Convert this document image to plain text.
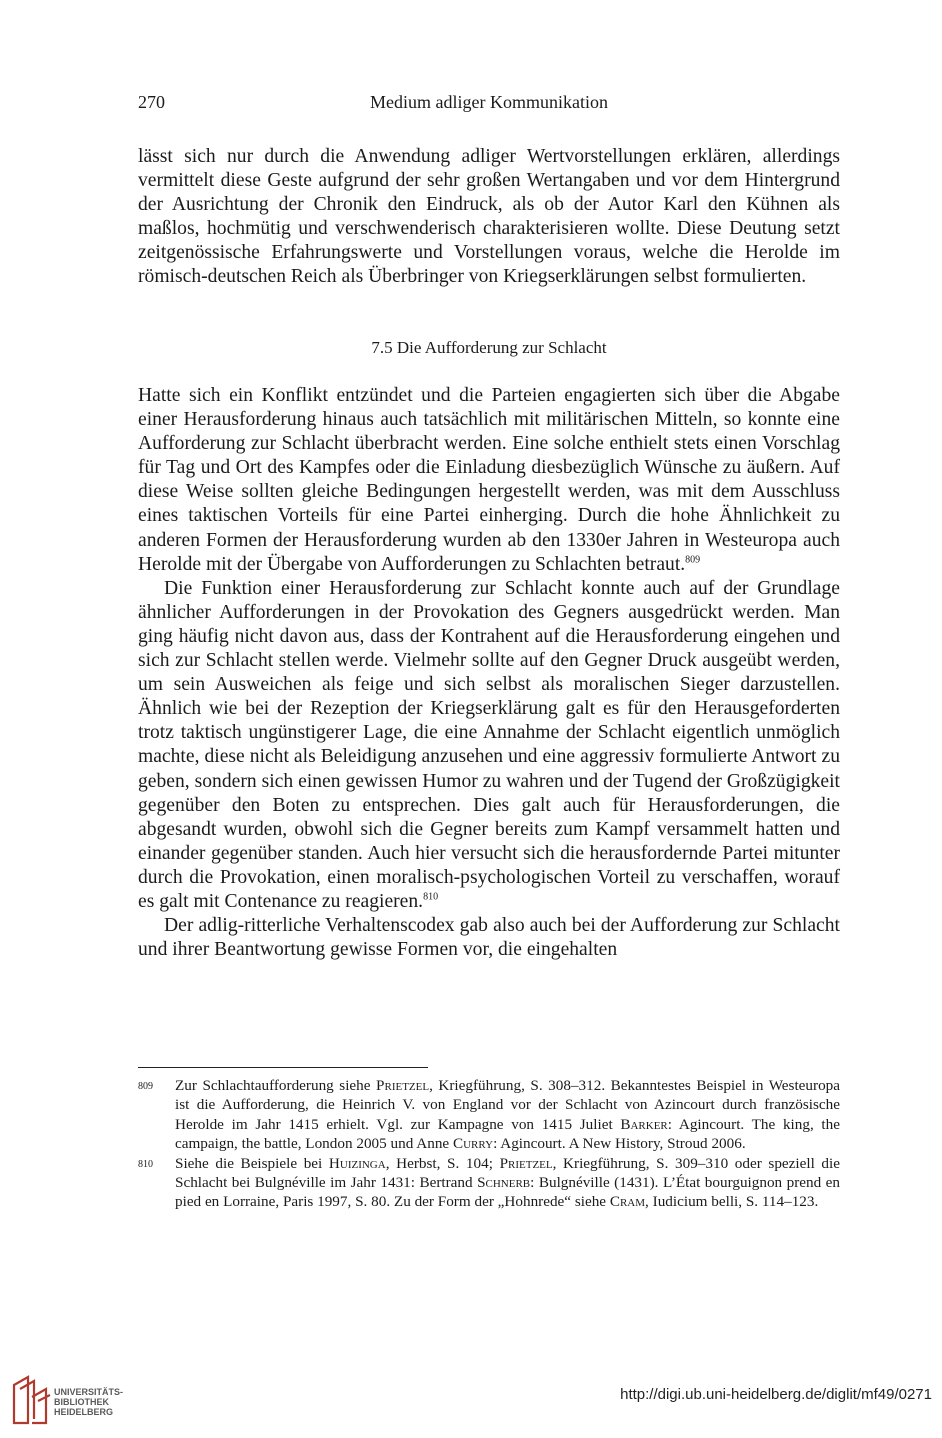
270	Medium adliger Kommunikation

lässt sich nur durch die Anwendung adliger Wertvorstellungen erklären, allerdings vermittelt diese Geste aufgrund der sehr großen Wertangaben und vor dem Hintergrund der Ausrichtung der Chronik den Eindruck, als ob der Autor Karl den Kühnen als maßlos, hochmütig und verschwenderisch charakterisieren wollte. Diese Deutung setzt zeitgenössische Erfahrungswerte und Vorstellungen voraus, welche die Herolde im römisch-deutschen Reich als Überbringer von Kriegserklärungen selbst formulierten.

7.5 Die Aufforderung zur Schlacht

Hatte sich ein Konflikt entzündet und die Parteien engagierten sich über die Abgabe einer Herausforderung hinaus auch tatsächlich mit militärischen Mitteln, so konnte eine Aufforderung zur Schlacht überbracht werden. Eine solche enthielt stets einen Vorschlag für Tag und Ort des Kampfes oder die Einladung diesbezüglich Wünsche zu äußern. Auf diese Weise sollten gleiche Bedingungen hergestellt werden, was mit dem Ausschluss eines taktischen Vorteils für eine Partei einherging. Durch die hohe Ähnlichkeit zu anderen Formen der Herausforderung wurden ab den 1330er Jahren in Westeuropa auch Herolde mit der Übergabe von Aufforderungen zu Schlachten betraut.$^{809}$

Die Funktion einer Herausforderung zur Schlacht konnte auch auf der Grundlage ähnlicher Aufforderungen in der Provokation des Gegners ausgedrückt werden. Man ging häufig nicht davon aus, dass der Kontrahent auf die Herausforderung eingehen und sich zur Schlacht stellen werde. Vielmehr sollte auf den Gegner Druck ausgeübt werden, um sein Ausweichen als feige und sich selbst als moralischen Sieger darzustellen. Ähnlich wie bei der Rezeption der Kriegserklärung galt es für den Herausgeforderten trotz taktisch ungünstigerer Lage, die eine Annahme der Schlacht eigentlich unmöglich machte, diese nicht als Beleidigung anzusehen und eine aggressiv formulierte Antwort zu geben, sondern sich einen gewissen Humor zu wahren und der Tugend der Großzügigkeit gegenüber den Boten zu entsprechen. Dies galt auch für Herausforderungen, die abgesandt wurden, obwohl sich die Gegner bereits zum Kampf versammelt hatten und einander gegenüber standen. Auch hier versucht sich die herausfordernde Partei mitunter durch die Provokation, einen moralisch-psychologischen Vorteil zu verschaffen, worauf es galt mit Contenance zu reagieren.$^{810}$

Der adlig-ritterliche Verhaltenscodex gab also auch bei der Aufforderung zur Schlacht und ihrer Beantwortung gewisse Formen vor, die eingehalten

809 Zur Schlachtaufforderung siehe Prietzel, Kriegführung, S. 308–312. Bekanntestes Beispiel in Westeuropa ist die Aufforderung, die Heinrich V. von England vor der Schlacht von Azincourt durch französische Herolde im Jahr 1415 erhielt. Vgl. zur Kampagne von 1415 Juliet Barker: Agincourt. The king, the campaign, the battle, London 2005 und Anne Curry: Agincourt. A New History, Stroud 2006.
810 Siehe die Beispiele bei Huizinga, Herbst, S. 104; Prietzel, Kriegführung, S. 309–310 oder speziell die Schlacht bei Bulgnéville im Jahr 1431: Bertrand Schnerb: Bulgnéville (1431). L’État bourguignon prend en pied en Lorraine, Paris 1997, S. 80. Zu der Form der „Hohnrede“ siehe Cram, Iudicium belli, S. 114–123.
UNIVERSITÄTS-
BIBLIOTHEK
HEIDELBERG
http://digi.ub.uni-heidelberg.de/diglit/mf49/0271
